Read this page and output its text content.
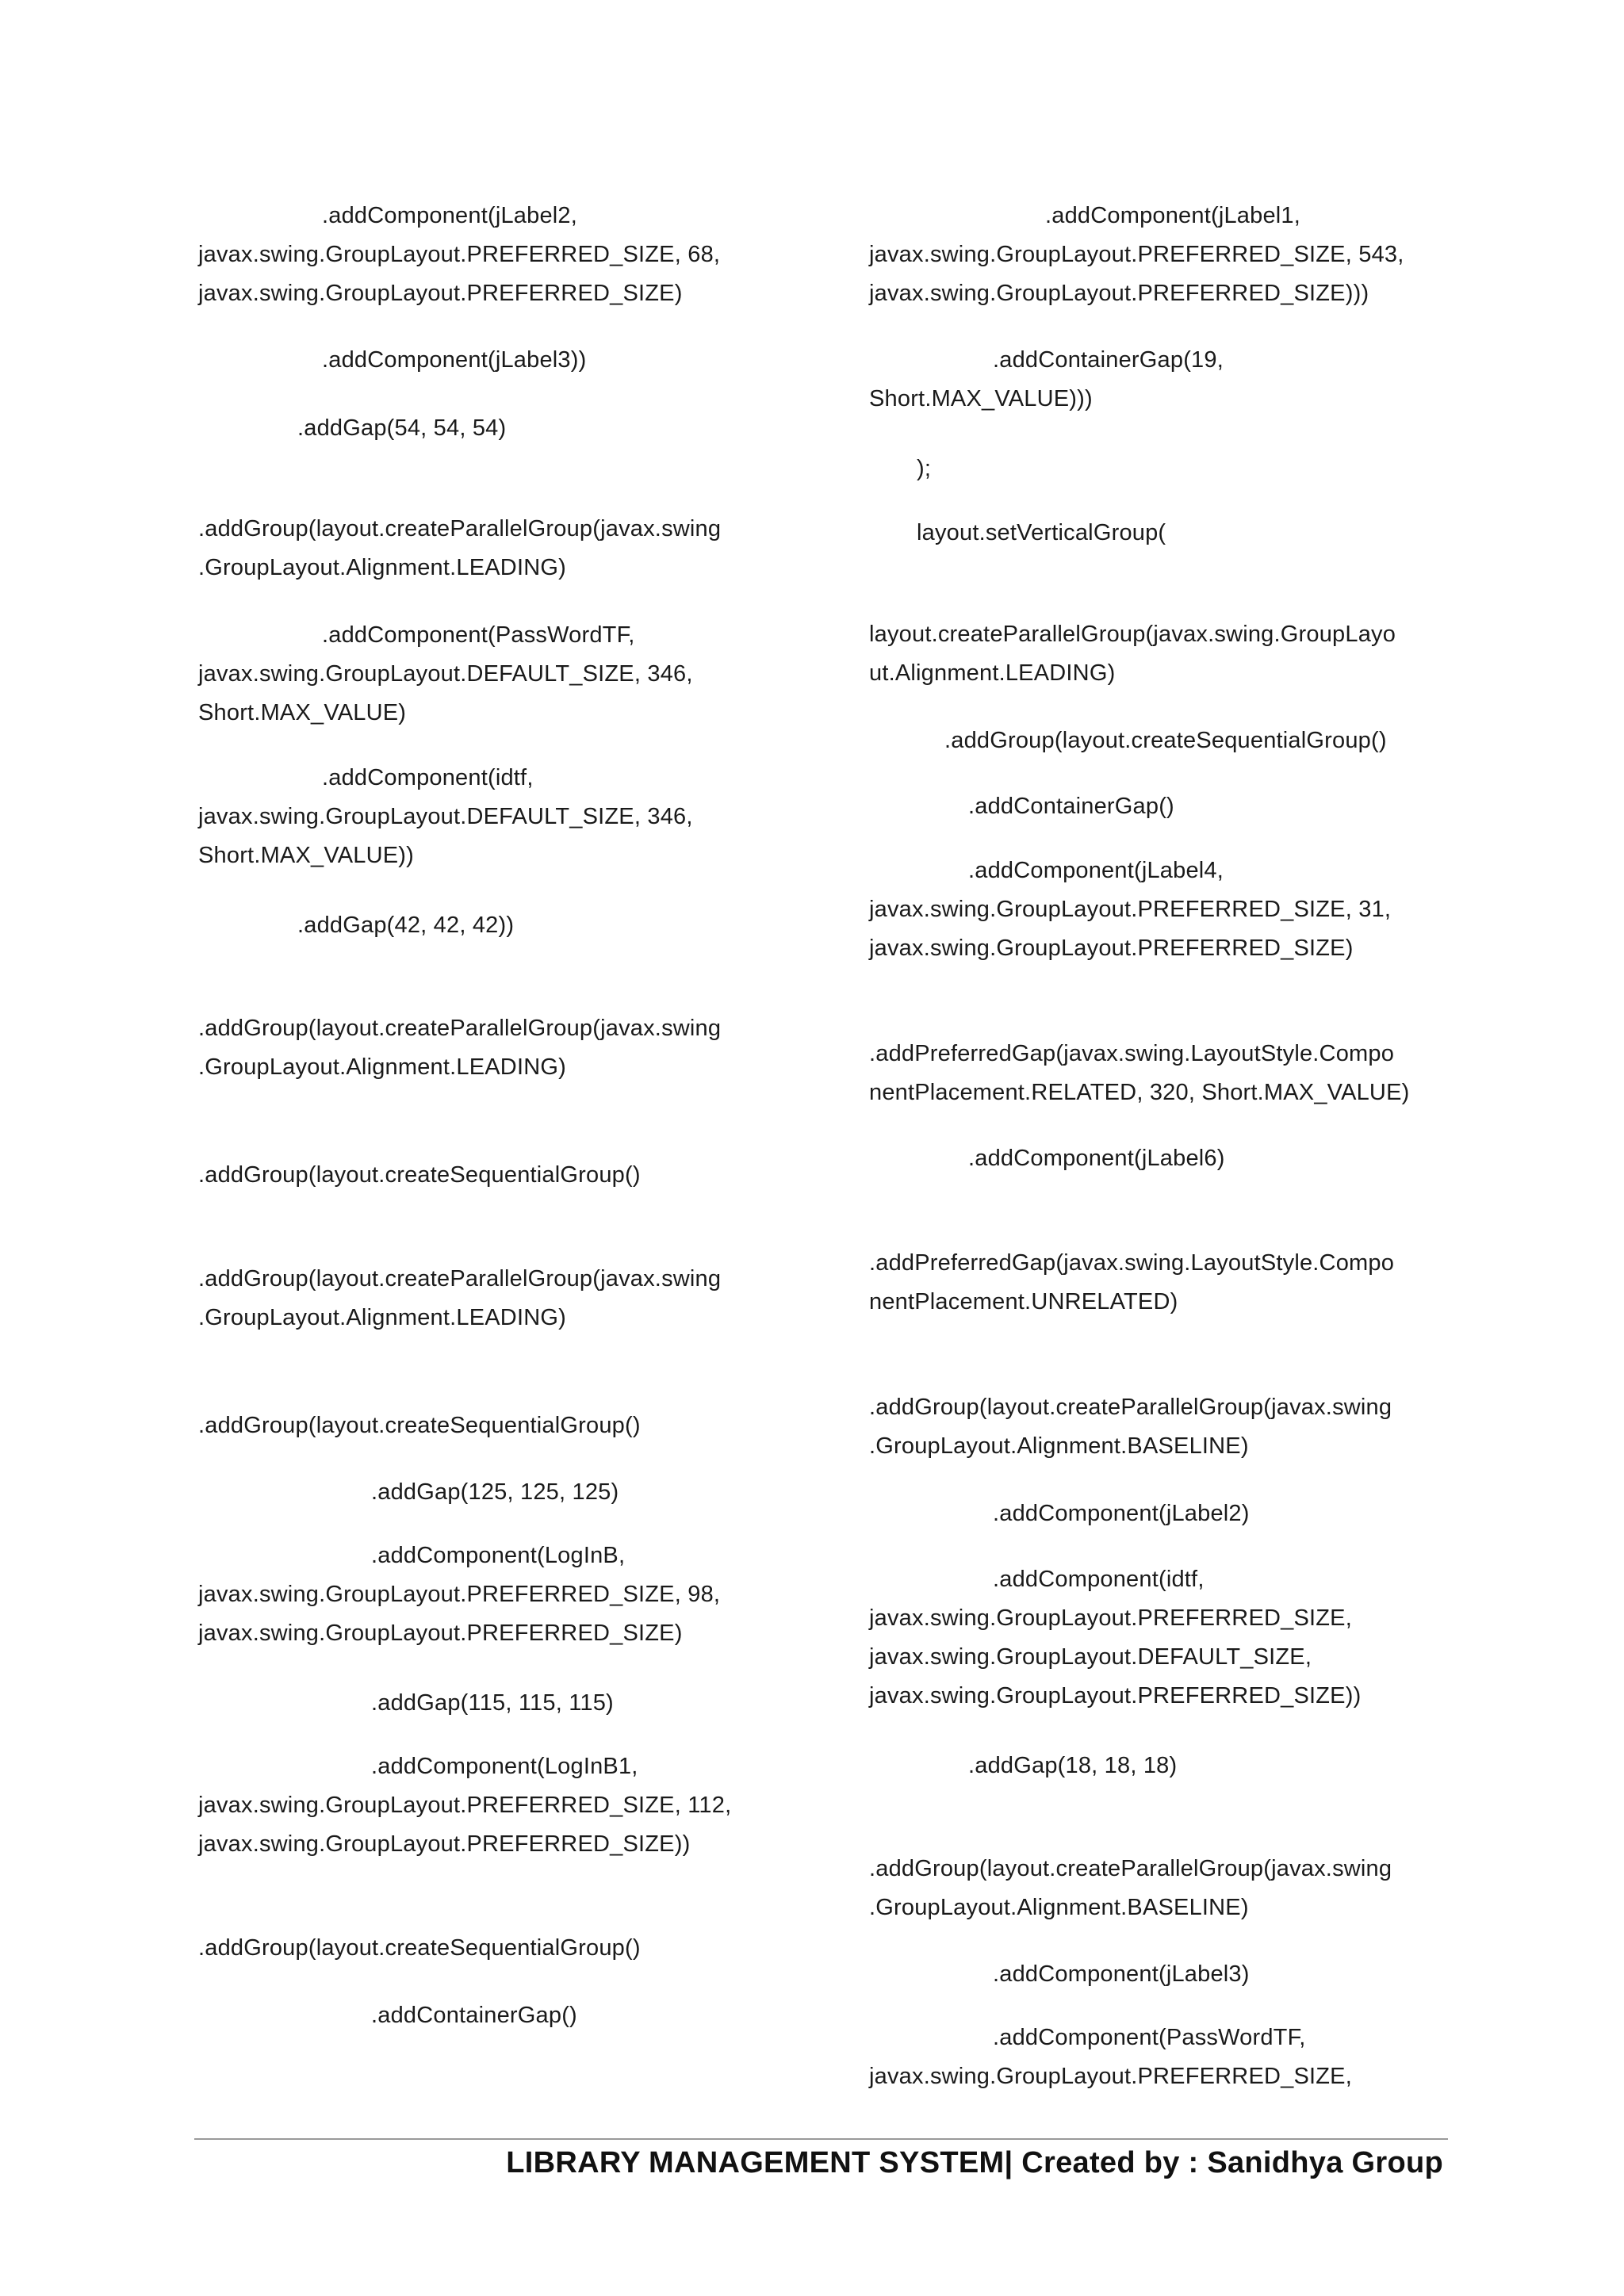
.addComponent(jLabel2,
javax.swing.GroupLayout.PREFERRED_SIZE, 68,
javax.swing.GroupLayout.PREFERRED_SIZE)
.addComponent(jLabel3))
.addGap(54, 54, 54)
.addGroup(layout.createParallelGroup(javax.swing
.GroupLayout.Alignment.LEADING)
.addComponent(PassWordTF,
javax.swing.GroupLayout.DEFAULT_SIZE, 346,
Short.MAX_VALUE)
.addComponent(idtf,
javax.swing.GroupLayout.DEFAULT_SIZE, 346,
Short.MAX_VALUE))
.addGap(42, 42, 42))
.addGroup(layout.createParallelGroup(javax.swing
.GroupLayout.Alignment.LEADING)
.addGroup(layout.createSequentialGroup()
.addGroup(layout.createParallelGroup(javax.swing
.GroupLayout.Alignment.LEADING)
.addGroup(layout.createSequentialGroup()
.addGap(125, 125, 125)
.addComponent(LogInB,
javax.swing.GroupLayout.PREFERRED_SIZE, 98,
javax.swing.GroupLayout.PREFERRED_SIZE)
.addGap(115, 115, 115)
.addComponent(LogInB1,
javax.swing.GroupLayout.PREFERRED_SIZE, 112,
javax.swing.GroupLayout.PREFERRED_SIZE))
.addGroup(layout.createSequentialGroup()
.addContainerGap()
.addComponent(jLabel1,
javax.swing.GroupLayout.PREFERRED_SIZE, 543,
javax.swing.GroupLayout.PREFERRED_SIZE)))
.addContainerGap(19,
Short.MAX_VALUE)))
);
layout.setVerticalGroup(
layout.createParallelGroup(javax.swing.GroupLayo
ut.Alignment.LEADING)
.addGroup(layout.createSequentialGroup()
.addContainerGap()
.addComponent(jLabel4,
javax.swing.GroupLayout.PREFERRED_SIZE, 31,
javax.swing.GroupLayout.PREFERRED_SIZE)
.addPreferredGap(javax.swing.LayoutStyle.Compo
nentPlacement.RELATED, 320, Short.MAX_VALUE)
.addComponent(jLabel6)
.addPreferredGap(javax.swing.LayoutStyle.Compo
nentPlacement.UNRELATED)
.addGroup(layout.createParallelGroup(javax.swing
.GroupLayout.Alignment.BASELINE)
.addComponent(jLabel2)
.addComponent(idtf,
javax.swing.GroupLayout.PREFERRED_SIZE,
javax.swing.GroupLayout.DEFAULT_SIZE,
javax.swing.GroupLayout.PREFERRED_SIZE))
.addGap(18, 18, 18)
.addGroup(layout.createParallelGroup(javax.swing
.GroupLayout.Alignment.BASELINE)
.addComponent(jLabel3)
.addComponent(PassWordTF,
javax.swing.GroupLayout.PREFERRED_SIZE,
LIBRARY MANAGEMENT SYSTEM| Created by : Sanidhya Group
